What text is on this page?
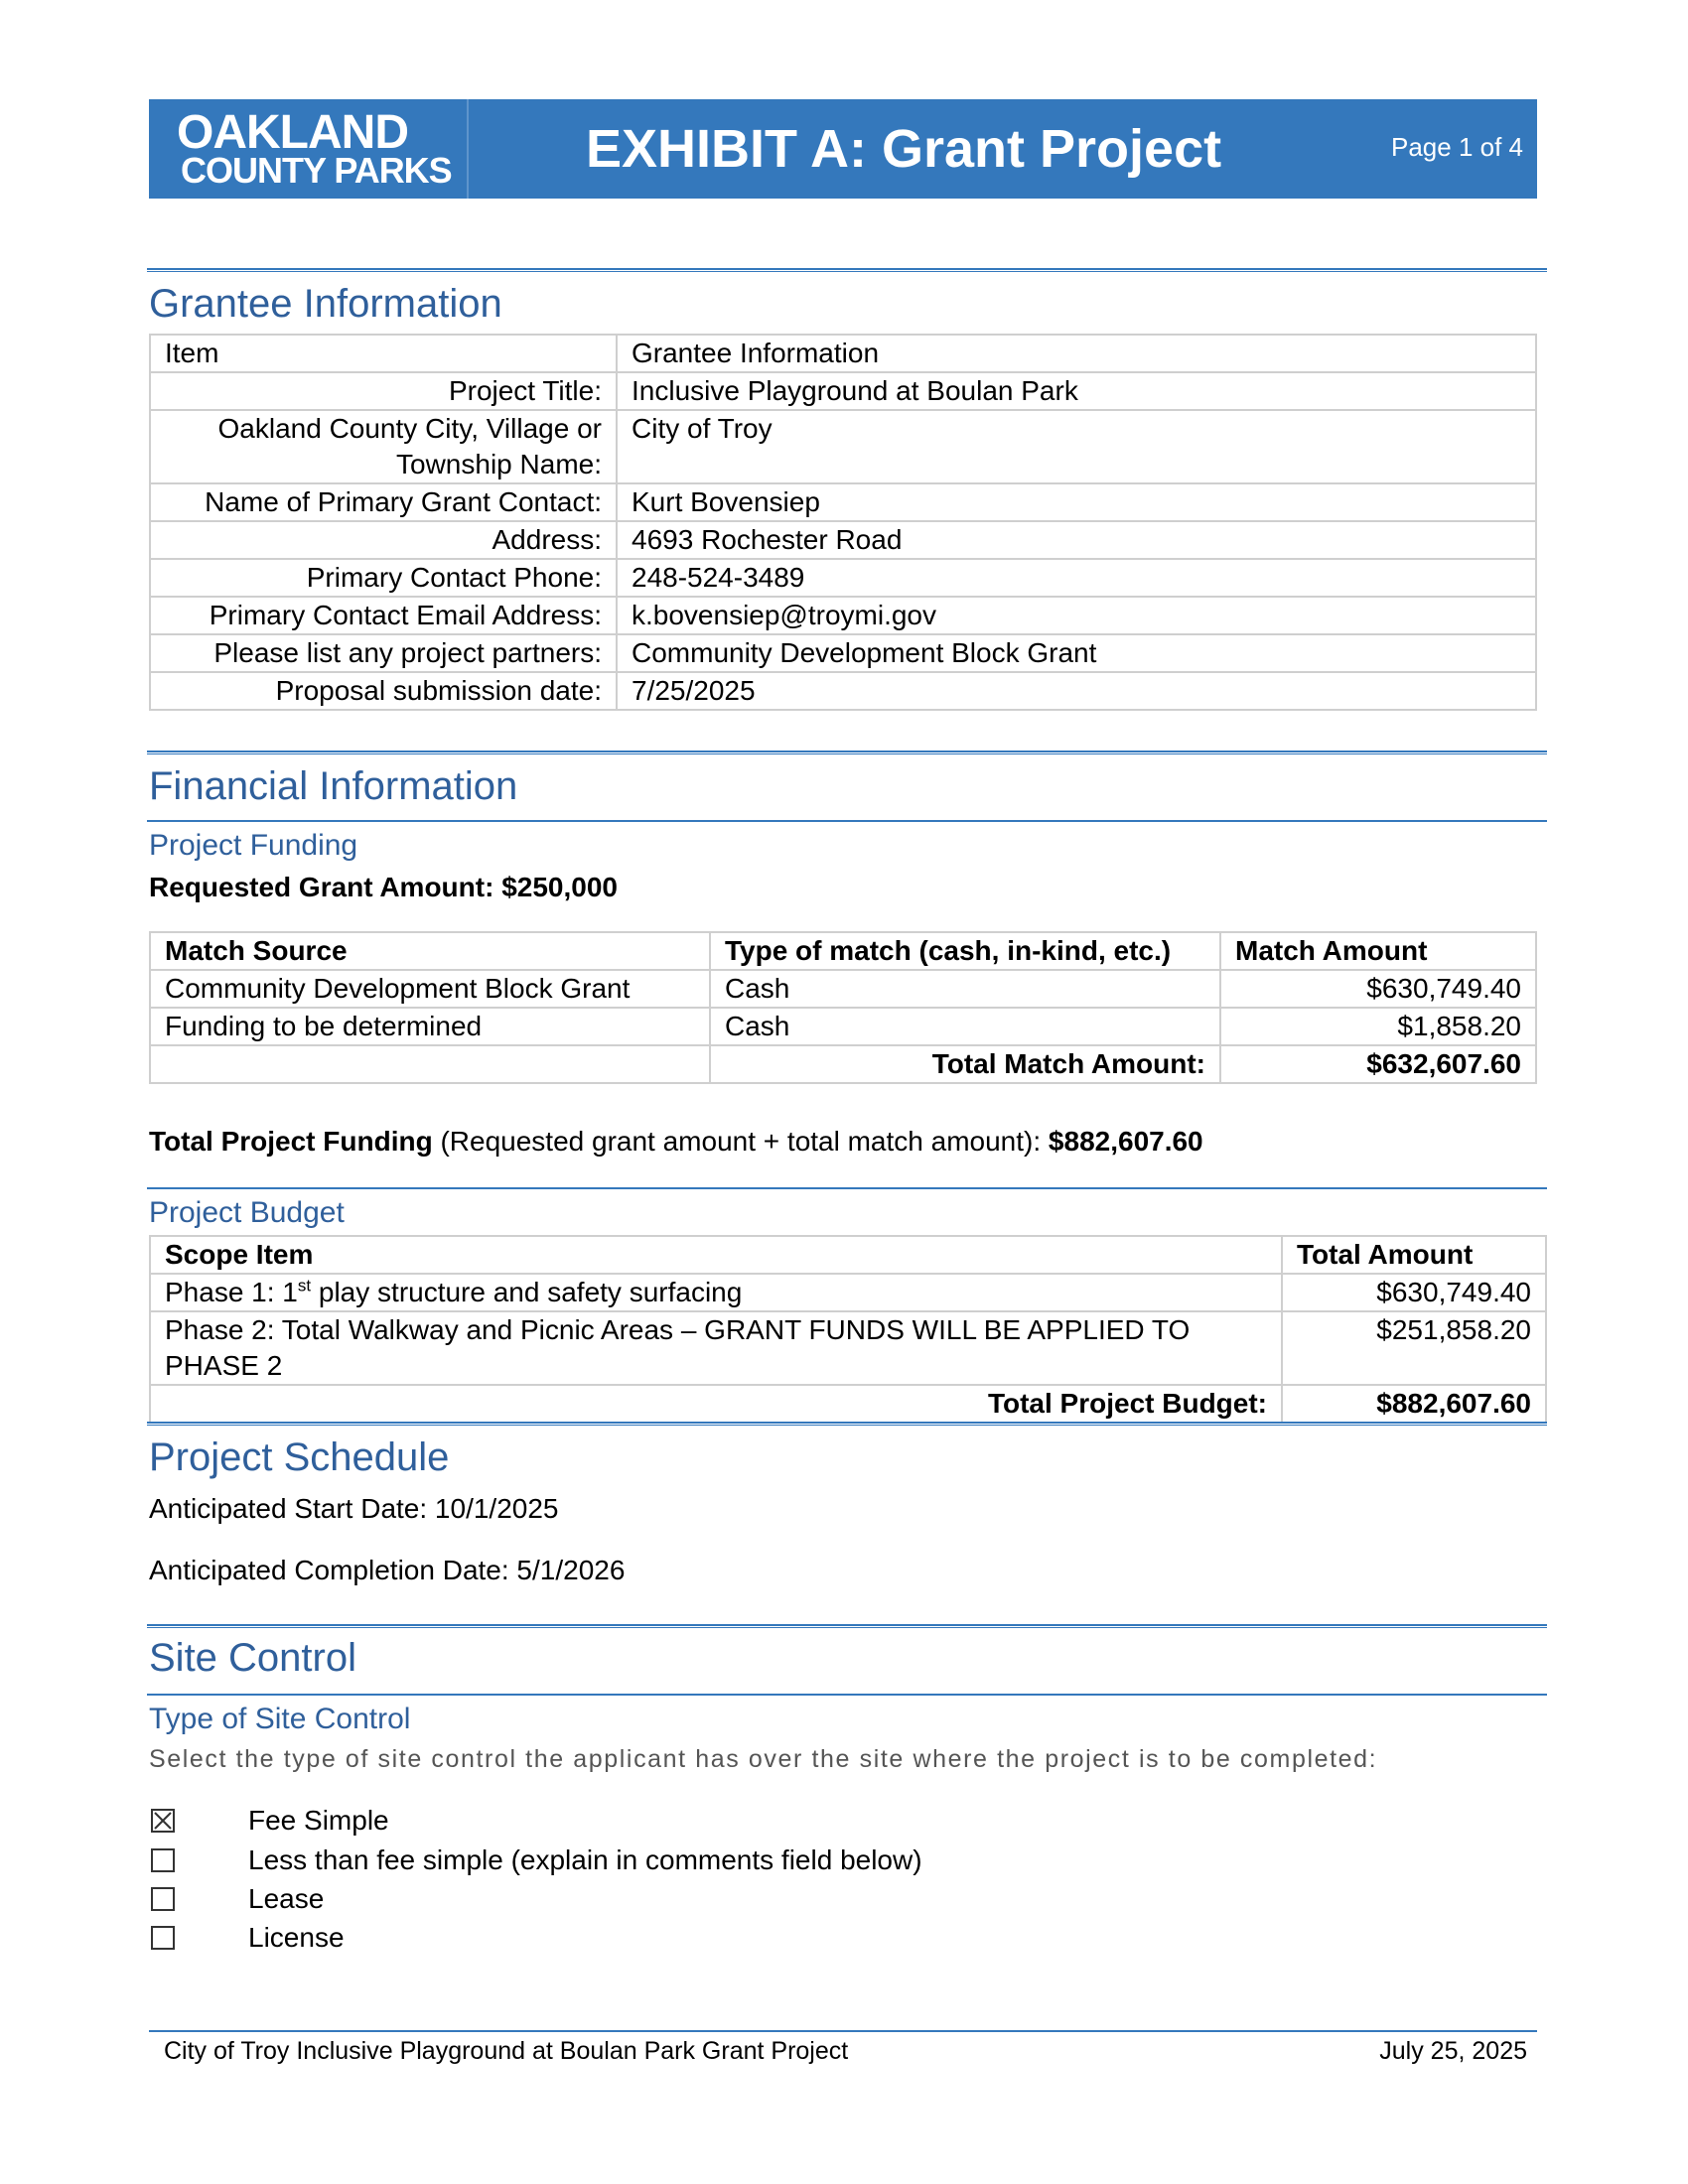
OAKLAND
COUNTY PARKS	EXHIBIT A: Grant Project	Page 1 of 4
Grantee Information
Item	Grantee Information
Project Title:	Inclusive Playground at Boulan Park
Oakland County City, Village or Township Name:	City of Troy
Name of Primary Grant Contact:	Kurt Bovensiep
Address:	4693 Rochester Road
Primary Contact Phone:	248-524-3489
Primary Contact Email Address:	k.bovensiep@troymi.gov
Please list any project partners:	Community Development Block Grant
Proposal submission date:	7/25/2025
Financial Information
Project Funding
Requested Grant Amount: $250,000
Match Source	Type of match (cash, in-kind, etc.)	Match Amount
Community Development Block Grant	Cash	$630,749.40
Funding to be determined	Cash	$1,858.20
	Total Match Amount:	$632,607.60
Total Project Funding (Requested grant amount + total match amount): $882,607.60
Project Budget
Scope Item	Total Amount
Phase 1: 1st play structure and safety surfacing	$630,749.40
Phase 2: Total Walkway and Picnic Areas – GRANT FUNDS WILL BE APPLIED TO PHASE 2	$251,858.20
Total Project Budget:	$882,607.60
Project Schedule
Anticipated Start Date: 10/1/2025
Anticipated Completion Date: 5/1/2026
Site Control
Type of Site Control
Select the type of site control the applicant has over the site where the project is to be completed:
Fee Simple
Less than fee simple (explain in comments field below)
Lease
License
City of Troy Inclusive Playground at Boulan Park Grant Project	July 25, 2025
